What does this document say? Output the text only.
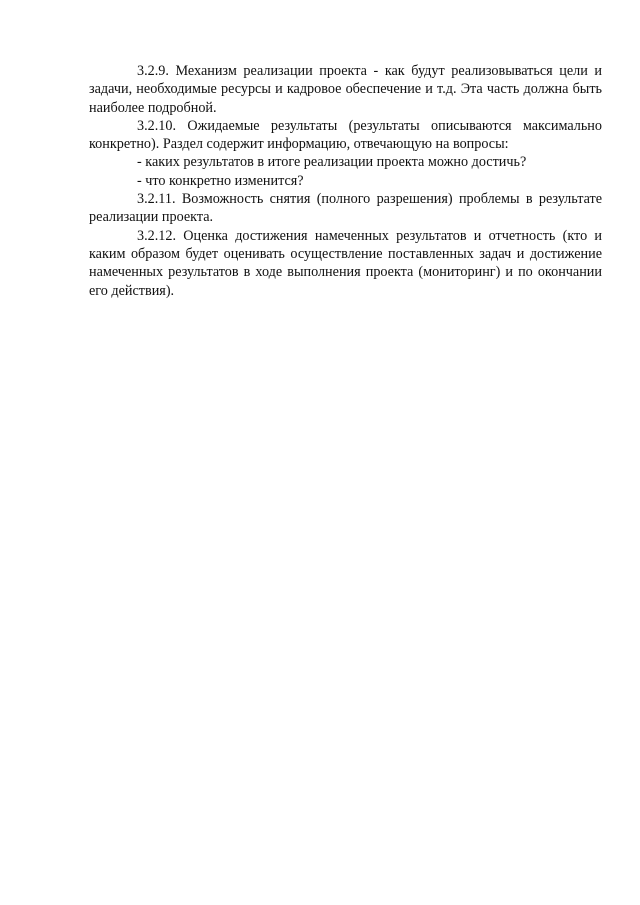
3.2.9. Механизм реализации проекта - как будут реализовываться цели и задачи, необходимые ресурсы и кадровое обеспечение и т.д. Эта часть должна быть наиболее подробной.

3.2.10. Ожидаемые результаты (результаты описываются максимально конкретно). Раздел содержит информацию, отвечающую на вопросы:

- каких результатов в итоге реализации проекта можно достичь?

- что конкретно изменится?

3.2.11. Возможность снятия (полного разрешения) проблемы в результате реализации проекта.

3.2.12. Оценка достижения намеченных результатов и отчетность (кто и каким образом будет оценивать осуществление поставленных задач и достижение намеченных результатов в ходе выполнения проекта (мониторинг) и по окончании его действия).
